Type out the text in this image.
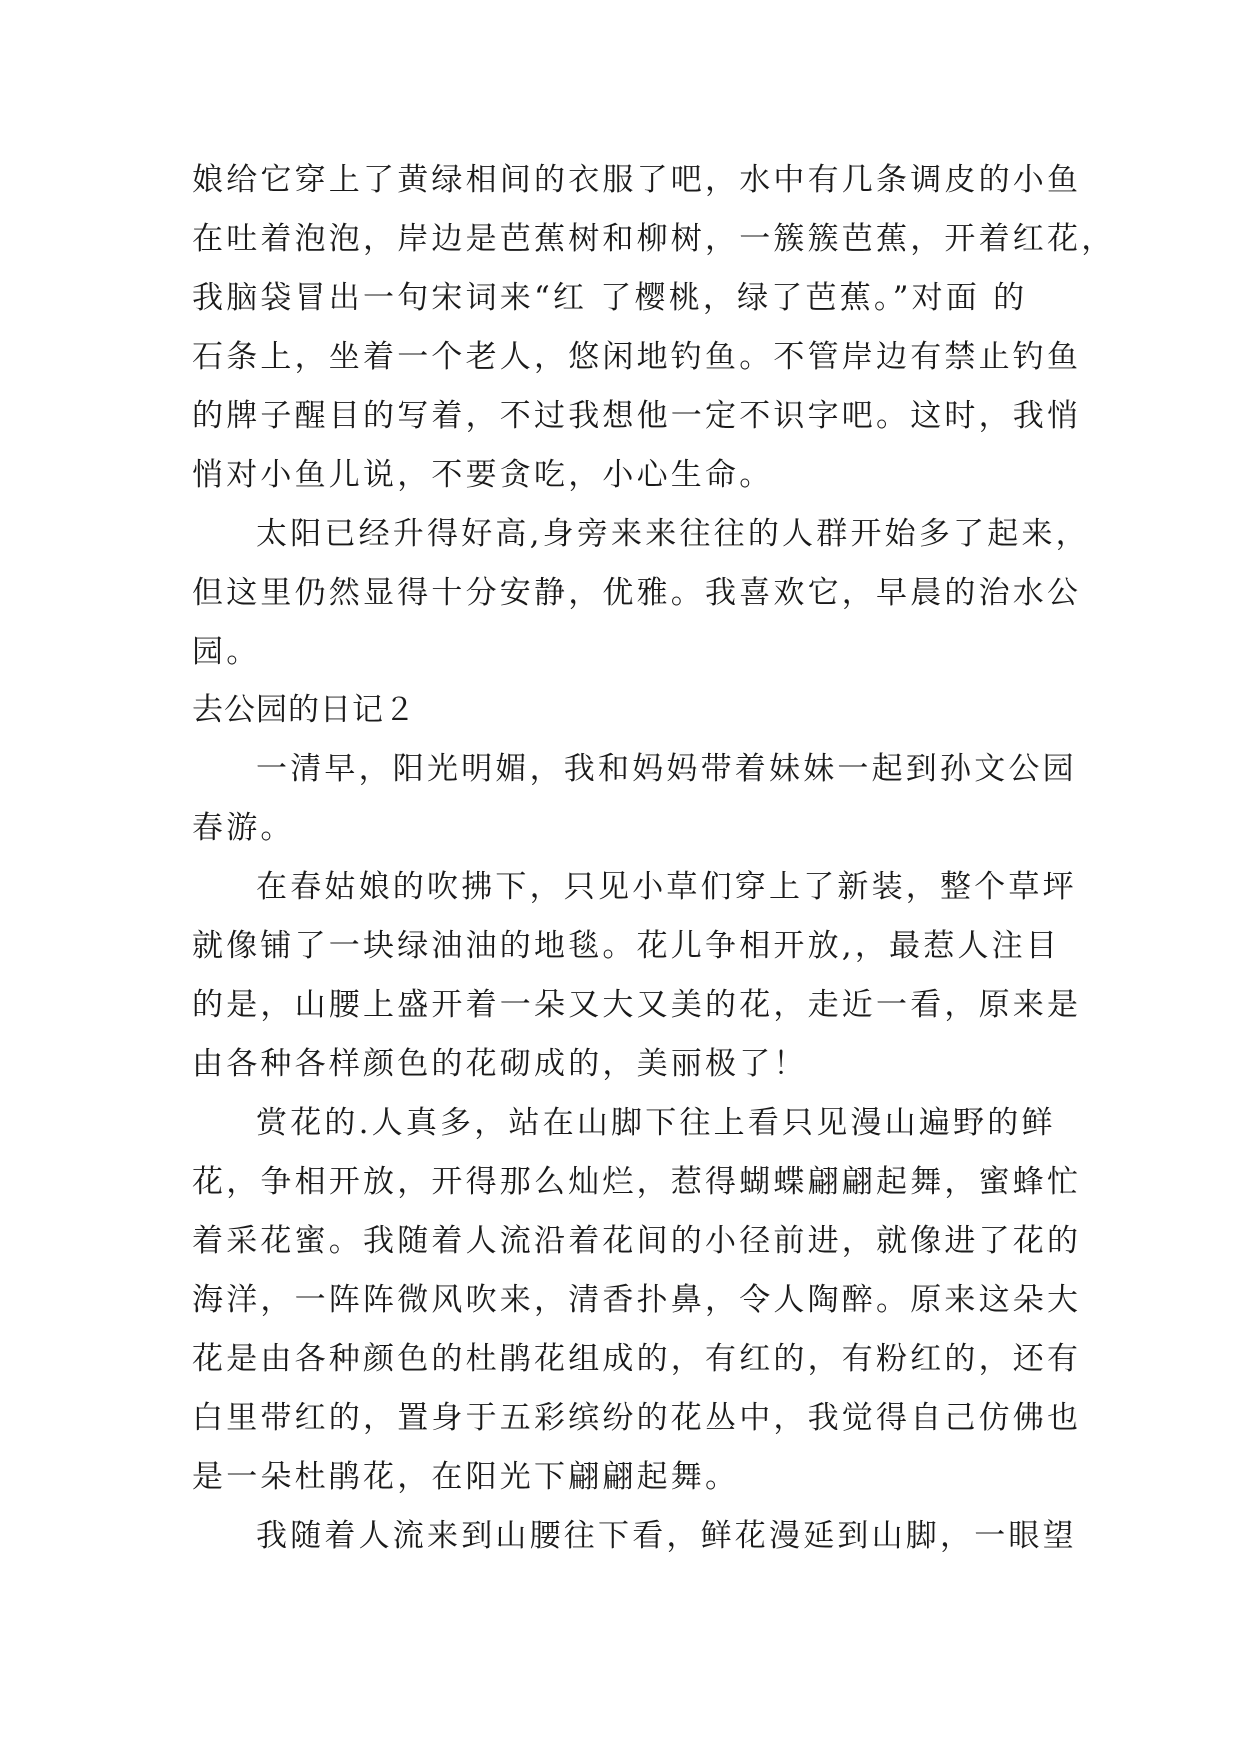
娘给它穿上了黄绿相间的衣服了吧，水中有几条调皮的小鱼
在吐着泡泡，岸边是芭蕉树和柳树，一簇簇芭蕉，开着红花，
我脑袋冒出一句宋词来“红 了樱桃，绿了芭蕉。”对面 的
石条上，坐着一个老人，悠闲地钓鱼。不管岸边有禁止钓鱼
的牌子醒目的写着，不过我想他一定不识字吧。这时，我悄
悄对小鱼儿说，不要贪吃，小心生命。
太阳已经升得好高,身旁来来往往的人群开始多了起来，
但这里仍然显得十分安静，优雅。我喜欢它，早晨的治水公
园。
去公园的日记２
一清早，阳光明媚，我和妈妈带着妹妹一起到孙文公园
春游。
在春姑娘的吹拂下，只见小草们穿上了新装，整个草坪
就像铺了一块绿油油的地毯。花儿争相开放,，最惹人注目
的是，山腰上盛开着一朵又大又美的花，走近一看，原来是
由各种各样颜色的花砌成的，美丽极了！
赏花的.人真多，站在山脚下往上看只见漫山遍野的鲜
花，争相开放，开得那么灿烂，惹得蝴蝶翩翩起舞，蜜蜂忙
着采花蜜。我随着人流沿着花间的小径前进，就像进了花的
海洋，一阵阵微风吹来，清香扑鼻，令人陶醉。原来这朵大
花是由各种颜色的杜鹃花组成的，有红的，有粉红的，还有
白里带红的，置身于五彩缤纷的花丛中，我觉得自己仿佛也
是一朵杜鹃花，在阳光下翩翩起舞。
我随着人流来到山腰往下看，鲜花漫延到山脚，一眼望
